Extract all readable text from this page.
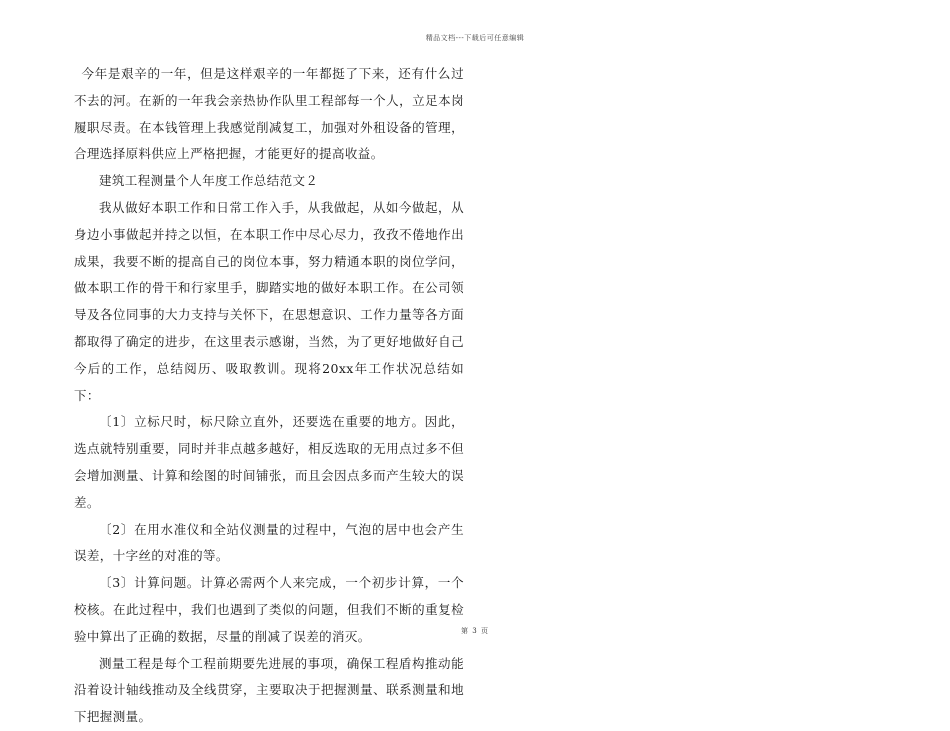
精品文档---下载后可任意编辑

今年是艰辛的一年，但是这样艰辛的一年都挺了下来，还有什么过不去的河。在新的一年我会亲热协作队里工程部每一个人，立足本岗履职尽责。在本钱管理上我感觉削减复工，加强对外租设备的管理，合理选择原料供应上严格把握，才能更好的提高收益。

建筑工程测量个人年度工作总结范文２

我从做好本职工作和日常工作入手，从我做起，从如今做起，从身边小事做起并持之以恒，在本职工作中尽心尽力，孜孜不倦地作出成果，我要不断的提高自己的岗位本事，努力精通本职的岗位学问，做本职工作的骨干和行家里手，脚踏实地的做好本职工作。在公司领导及各位同事的大力支持与关怀下，在思想意识、工作力量等各方面都取得了确定的进步，在这里表示感谢，当然，为了更好地做好自己今后的工作，总结阅历、吸取教训。现将20xx年工作状况总结如下：

〔1〕立标尺时，标尺除立直外，还要选在重要的地方。因此，选点就特别重要，同时并非点越多越好，相反选取的无用点过多不但会增加测量、计算和绘图的时间铺张，而且会因点多而产生较大的误差。

〔2〕在用水准仪和全站仪测量的过程中，气泡的居中也会产生误差，十字丝的对准的等。

〔3〕计算问题。计算必需两个人来完成，一个初步计算，一个校核。在此过程中，我们也遇到了类似的问题，但我们不断的重复检验中算出了正确的数据，尽量的削减了误差的消灭。

测量工程是每个工程前期要先进展的事项，确保工程盾构推动能沿着设计轴线推动及全线贯穿，主要取决于把握测量、联系测量和地下把握测量。

第 3 页
